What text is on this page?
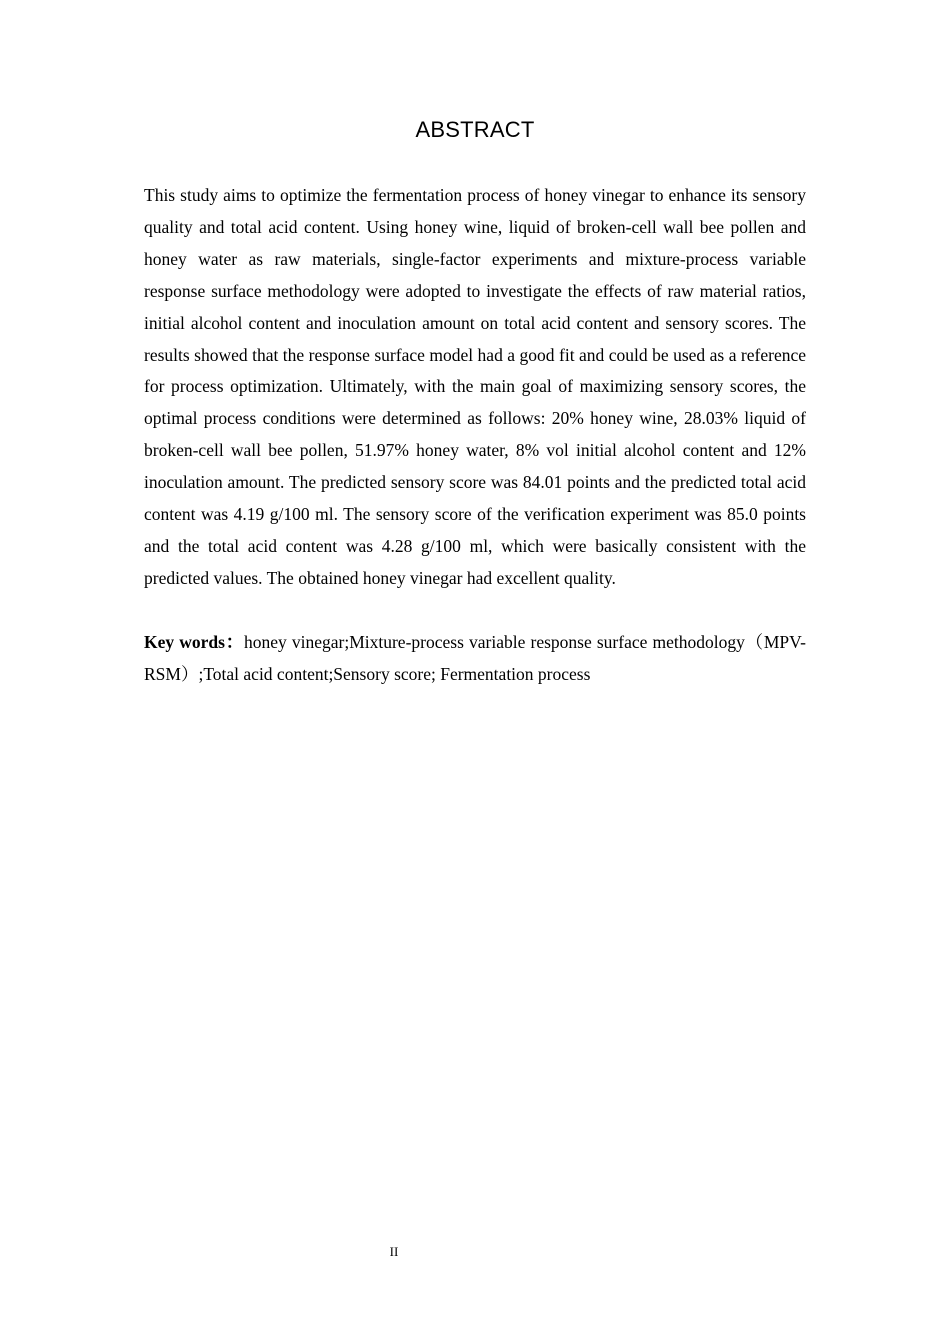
ABSTRACT

This study aims to optimize the fermentation process of honey vinegar to enhance its sensory quality and total acid content. Using honey wine, liquid of broken-cell wall bee pollen and honey water as raw materials, single-factor experiments and mixture-process variable response surface methodology were adopted to investigate the effects of raw material ratios, initial alcohol content and inoculation amount on total acid content and sensory scores. The results showed that the response surface model had a good fit and could be used as a reference for process optimization. Ultimately, with the main goal of maximizing sensory scores, the optimal process conditions were determined as follows: 20% honey wine, 28.03% liquid of broken-cell wall bee pollen, 51.97% honey water, 8% vol initial alcohol content and 12% inoculation amount. The predicted sensory score was 84.01 points and the predicted total acid content was 4.19 g/100 ml. The sensory score of the verification experiment was 85.0 points and the total acid content was 4.28 g/100 ml, which were basically consistent with the predicted values. The obtained honey vinegar had excellent quality.

Key words：honey vinegar;Mixture-process variable response surface methodology（MPV-RSM）;Total acid content;Sensory score; Fermentation process

II
